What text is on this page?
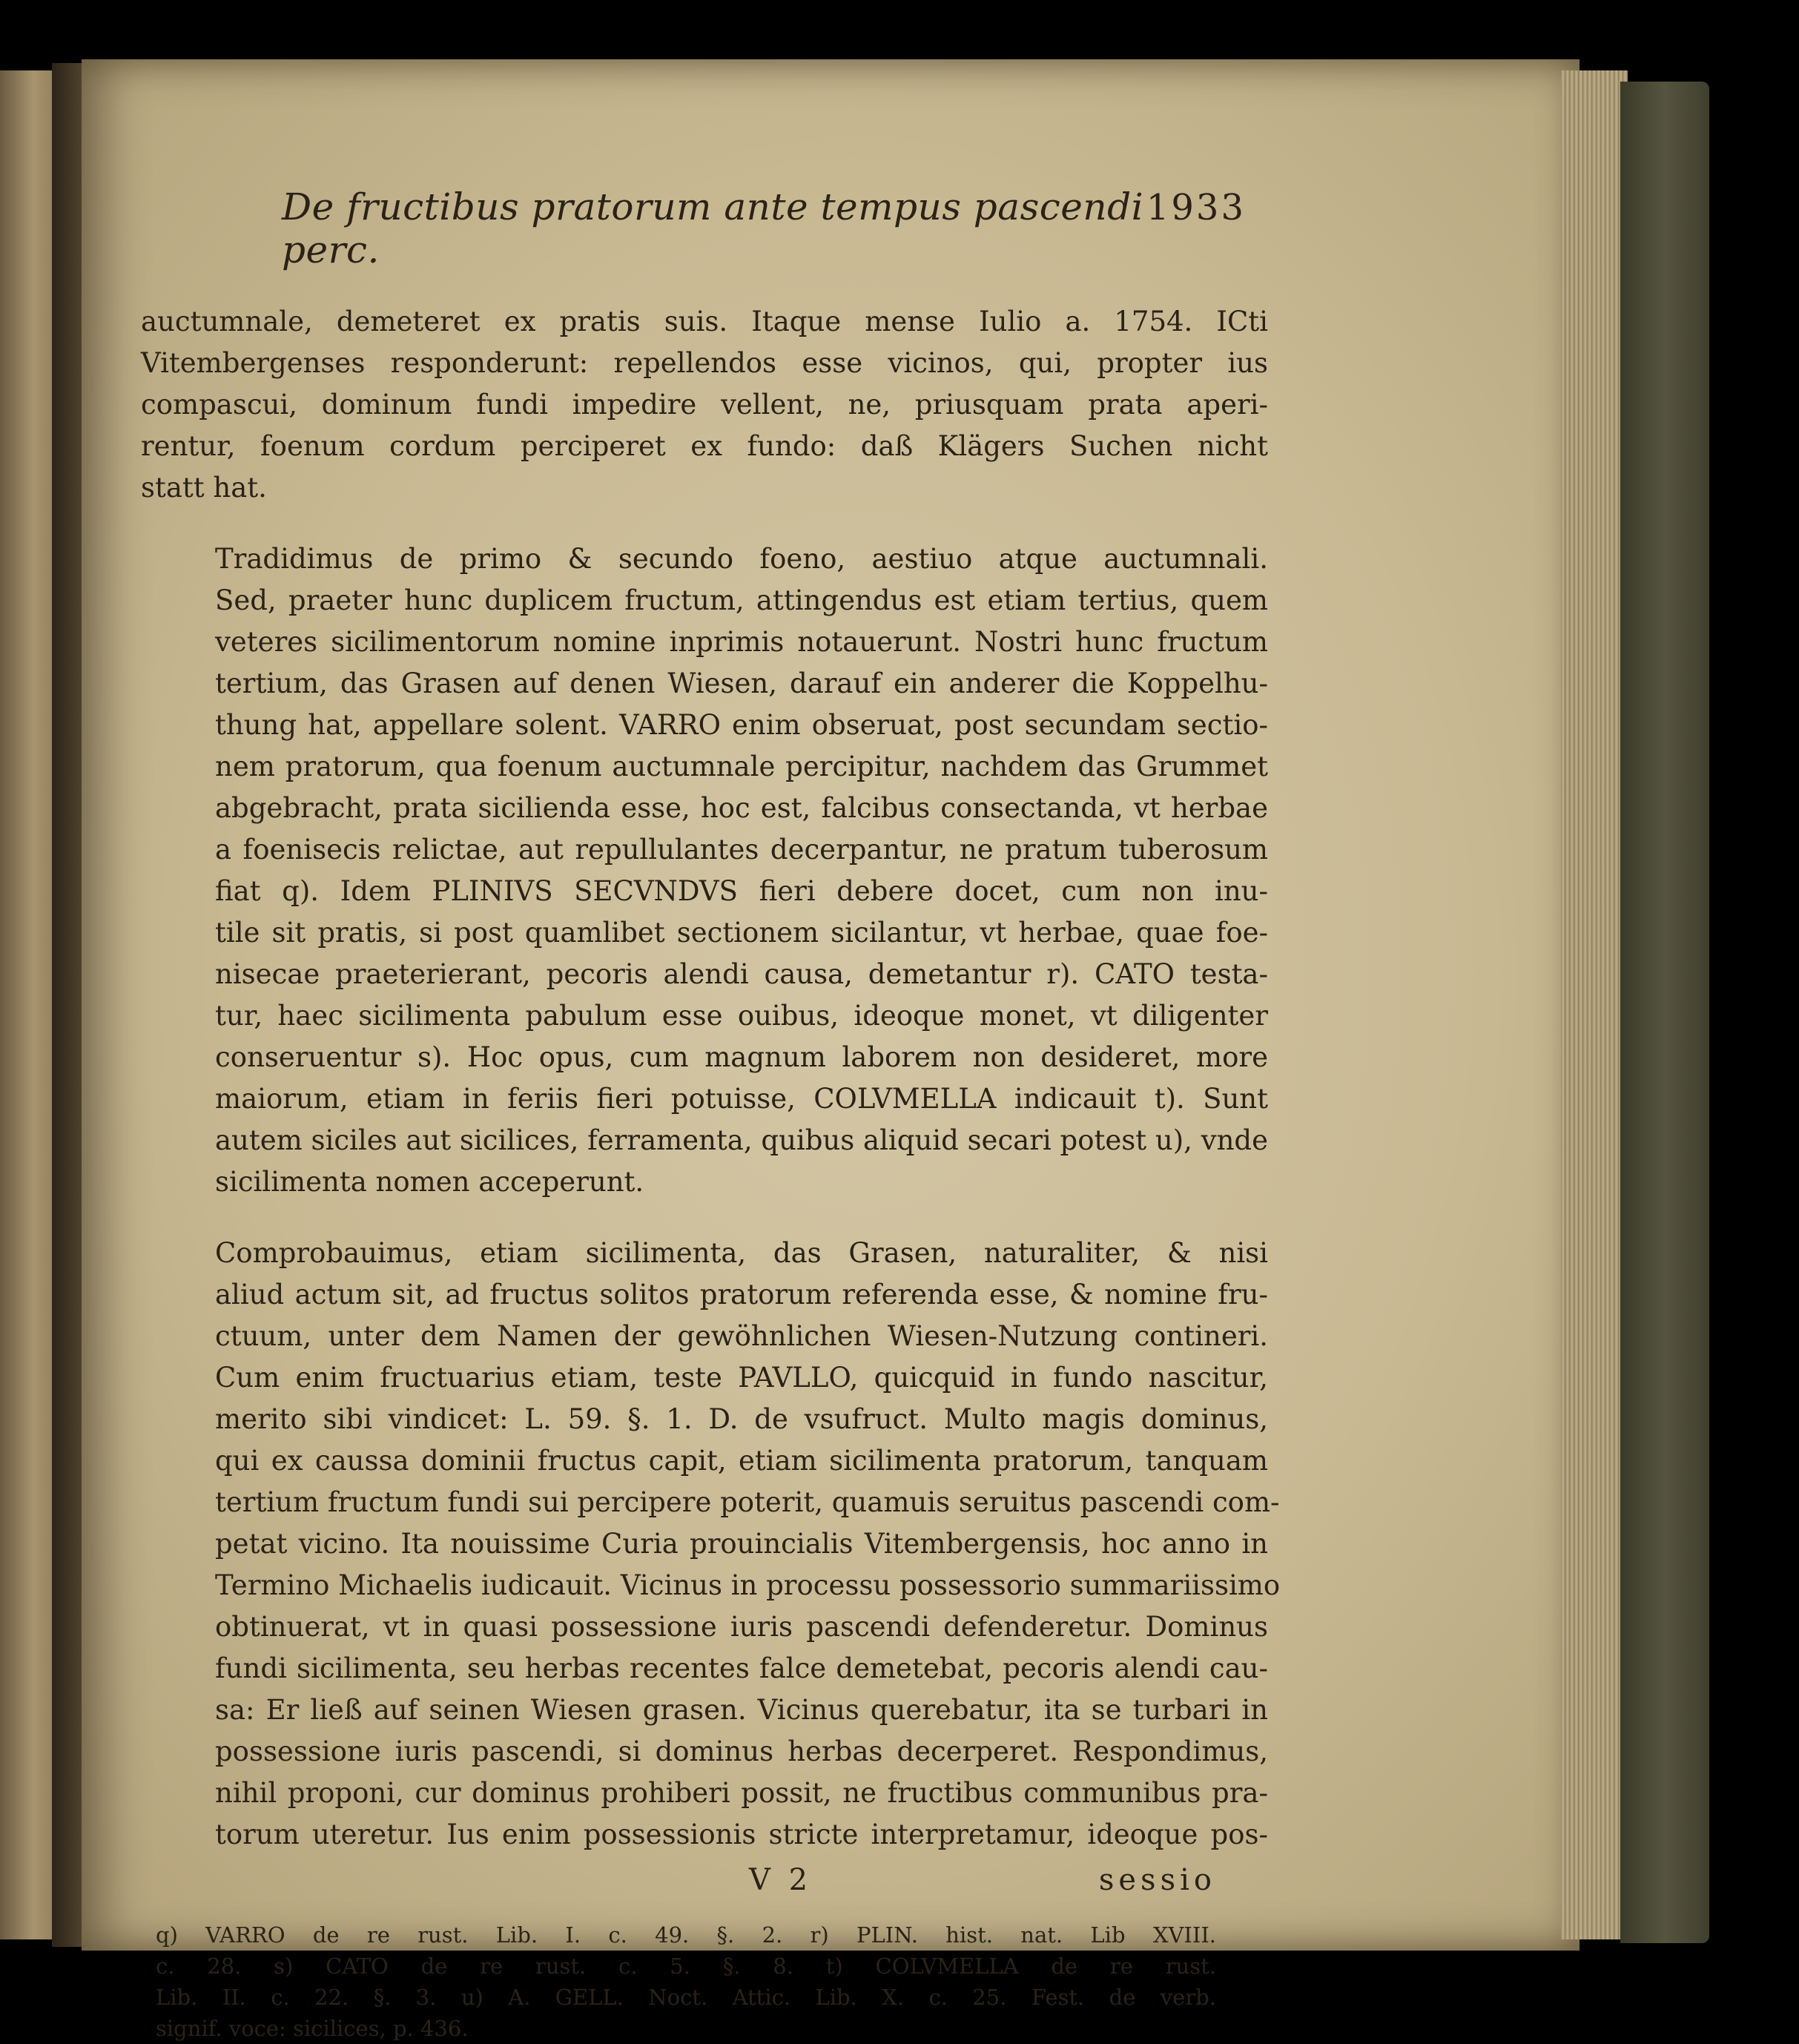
De fructibus pratorum ante tempus pascendi perc.
1933
auctumnale, demeteret ex pratis suis. Itaque mense Iulio a. 1754. ICti
Vitembergenses responderunt: repellendos esse vicinos, qui, propter ius
compascui, dominum fundi impedire vellent, ne, priusquam prata aperi-
rentur, foenum cordum perciperet ex fundo: daß Klägers Suchen nicht
statt hat.
Tradidimus de primo & secundo foeno, aestiuo atque auctumnali.
Sed, praeter hunc duplicem fructum, attingendus est etiam tertius, quem
veteres sicilimentorum nomine inprimis notauerunt. Nostri hunc fructum
tertium, das Grasen auf denen Wiesen, darauf ein anderer die Koppelhu-
thung hat, appellare solent. VARRO enim obseruat, post secundam sectio-
nem pratorum, qua foenum auctumnale percipitur, nachdem das Grummet
abgebracht, prata sicilienda esse, hoc est, falcibus consectanda, vt herbae
a foenisecis relictae, aut repullulantes decerpantur, ne pratum tuberosum
fiat q). Idem PLINIVS SECVNDVS fieri debere docet, cum non inu-
tile sit pratis, si post quamlibet sectionem sicilantur, vt herbae, quae foe-
nisecae praeterierant, pecoris alendi causa, demetantur r). CATO testa-
tur, haec sicilimenta pabulum esse ouibus, ideoque monet, vt diligenter
conseruentur s). Hoc opus, cum magnum laborem non desideret, more
maiorum, etiam in feriis fieri potuisse, COLVMELLA indicauit t). Sunt
autem siciles aut sicilices, ferramenta, quibus aliquid secari potest u), vnde
sicilimenta nomen acceperunt.
Comprobauimus, etiam sicilimenta, das Grasen, naturaliter, & nisi
aliud actum sit, ad fructus solitos pratorum referenda esse, & nomine fru-
ctuum, unter dem Namen der gewöhnlichen Wiesen-Nutzung contineri.
Cum enim fructuarius etiam, teste PAVLLO, quicquid in fundo nascitur,
merito sibi vindicet: L. 59. §. 1. D. de vsufruct. Multo magis dominus,
qui ex caussa dominii fructus capit, etiam sicilimenta pratorum, tanquam
tertium fructum fundi sui percipere poterit, quamuis seruitus pascendi com-
petat vicino. Ita nouissime Curia prouincialis Vitembergensis, hoc anno in
Termino Michaelis iudicauit. Vicinus in processu possessorio summariissimo
obtinuerat, vt in quasi possessione iuris pascendi defenderetur. Dominus
fundi sicilimenta, seu herbas recentes falce demetebat, pecoris alendi cau-
sa: Er ließ auf seinen Wiesen grasen. Vicinus querebatur, ita se turbari in
possessione iuris pascendi, si dominus herbas decerperet. Respondimus,
nihil proponi, cur dominus prohiberi possit, ne fructibus communibus pra-
torum uteretur. Ius enim possessionis stricte interpretamur, ideoque pos-
V 2	sessio
q) VARRO de re rust. Lib. I. c. 49. §. 2. r) PLIN. hist. nat. Lib XVIII.
c. 28. s) CATO de re rust. c. 5. §. 8. t) COLVMELLA de re rust.
Lib. II. c. 22. §. 3. u) A. GELL. Noct. Attic. Lib. X. c. 25. Fest. de verb.
signif. voce: sicilices, p. 436.
